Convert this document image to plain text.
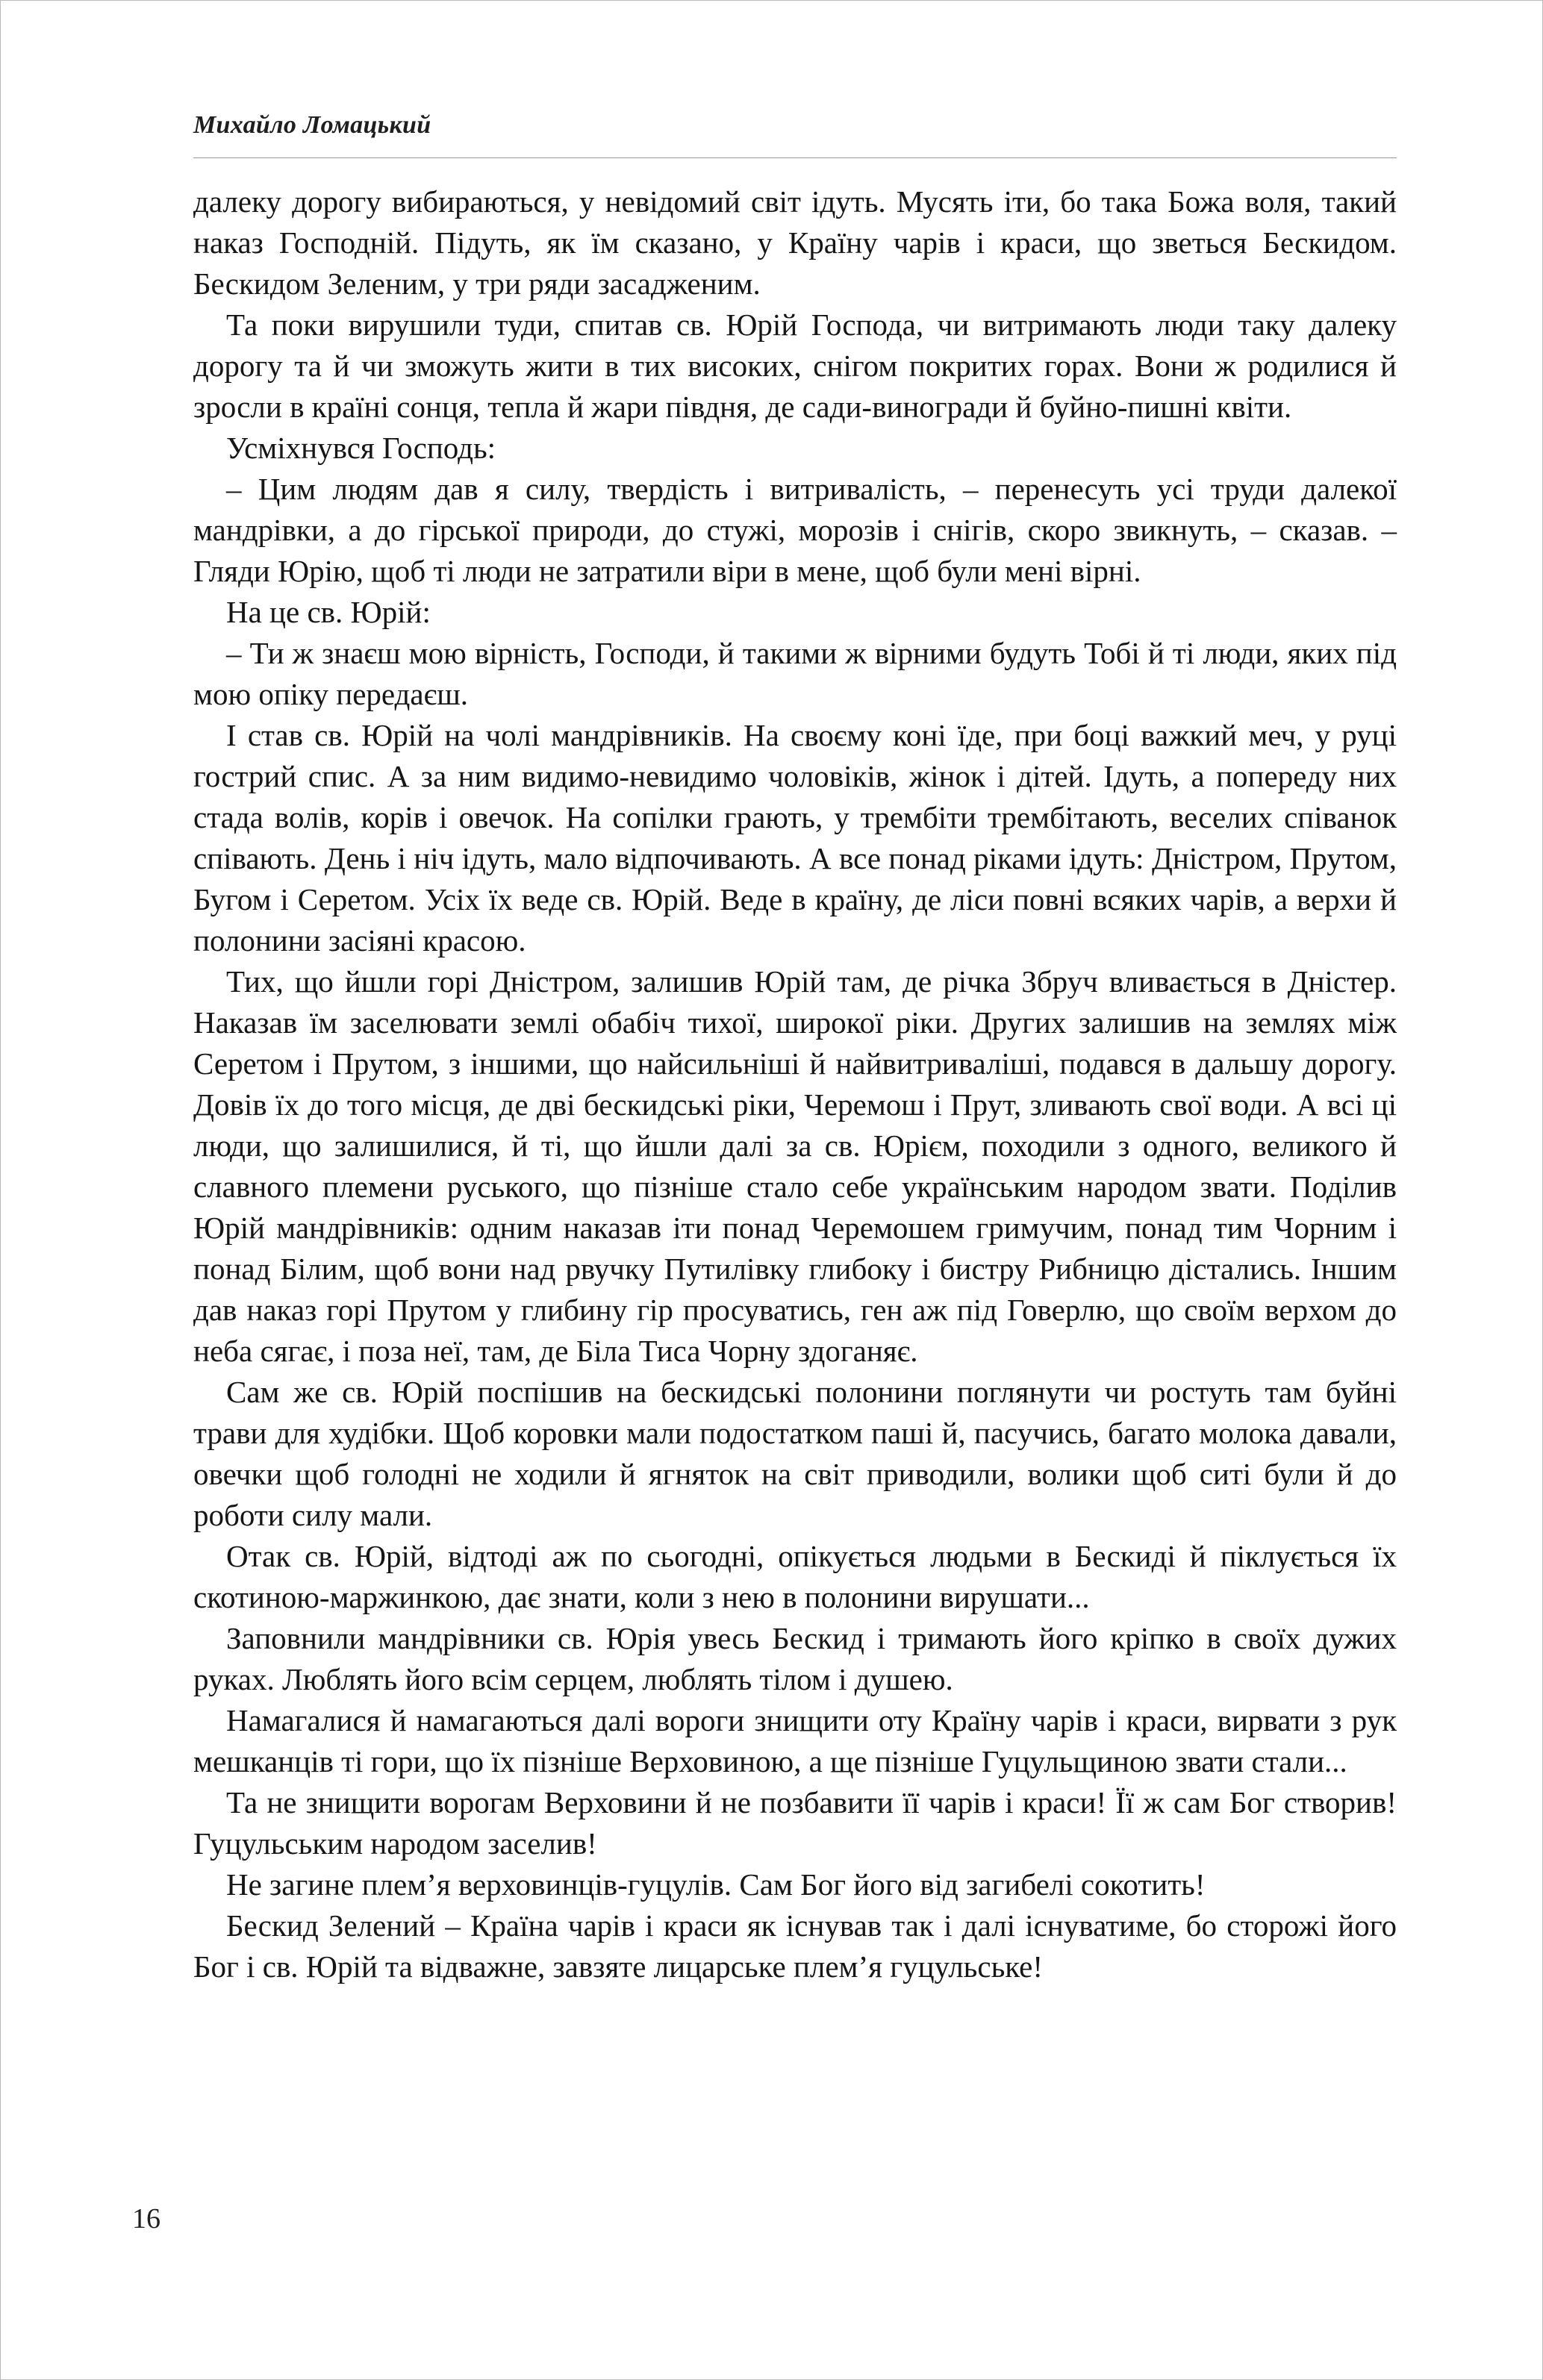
Михайло Ломацький

далеку дорогу вибираються, у невідомий світ ідуть. Мусять іти, бо така Божа воля, такий наказ Господній. Підуть, як їм сказано, у Країну чарів і краси, що зветься Бескидом. Бескидом Зеленим, у три ряди засадженим.

Та поки вирушили туди, спитав св. Юрій Господа, чи витримають люди таку далеку дорогу та й чи зможуть жити в тих високих, снігом покритих горах. Вони ж родилися й зросли в країні сонця, тепла й жари півдня, де сади-виногради й буйно-пишні квіти.

Усміхнувся Господь:

– Цим людям дав я силу, твердість і витривалість, – перенесуть усі труди далекої мандрівки, а до гірської природи, до стужі, морозів і снігів, скоро звикнуть, – сказав. – Гляди Юрію, щоб ті люди не затратили віри в мене, щоб були мені вірні.

На це св. Юрій:

– Ти ж знаєш мою вірність, Господи, й такими ж вірними будуть Тобі й ті люди, яких під мою опіку передаєш.

І став св. Юрій на чолі мандрівників. На своєму коні їде, при боці важкий меч, у руці гострий спис. А за ним видимо-невидимо чоловіків, жінок і дітей. Ідуть, а попереду них стада волів, корів і овечок. На сопілки грають, у трембіти трембітають, веселих співанок співають. День і ніч ідуть, мало відпочивають. А все понад ріками ідуть: Дністром, Прутом, Бугом і Серетом. Усіх їх веде св. Юрій. Веде в країну, де ліси повні всяких чарів, а верхи й полонини засіяні красою.

Тих, що йшли горі Дністром, залишив Юрій там, де річка Збруч вливається в Дністер. Наказав їм заселювати землі обабіч тихої, широкої ріки. Других залишив на землях між Серетом і Прутом, з іншими, що найсильніші й найвитриваліші, подався в дальшу дорогу. Довів їх до того місця, де дві бескидські ріки, Черемош і Прут, зливають свої води. А всі ці люди, що залишилися, й ті, що йшли далі за св. Юрієм, походили з одного, великого й славного племени руського, що пізніше стало себе українським народом звати. Поділив Юрій мандрівників: одним наказав іти понад Черемошем гримучим, понад тим Чорним і понад Білим, щоб вони над рвучку Путилівку глибоку і бистру Рибницю дістались. Іншим дав наказ горі Прутом у глибину гір просуватись, ген аж під Говерлю, що своїм верхом до неба сягає, і поза неї, там, де Біла Тиса Чорну здоганяє.

Сам же св. Юрій поспішив на бескидські полонини поглянути чи ростуть там буйні трави для худібки. Щоб коровки мали подостатком паші й, пасучись, багато молока давали, овечки щоб голодні не ходили й ягняток на світ приводили, волики щоб ситі були й до роботи силу мали.

Отак св. Юрій, відтоді аж по сьогодні, опікується людьми в Бескиді й піклується їх скотиною-маржинкою, дає знати, коли з нею в полонини вирушати...

Заповнили мандрівники св. Юрія увесь Бескид і тримають його кріпко в своїх дужих руках. Люблять його всім серцем, люблять тілом і душею.

Намагалися й намагаються далі вороги знищити оту Країну чарів і краси, вирвати з рук мешканців ті гори, що їх пізніше Верховиною, а ще пізніше Гуцульщиною звати стали...

Та не знищити ворогам Верховини й не позбавити її чарів і краси! Її ж сам Бог створив! Гуцульським народом заселив!

Не загине плем’я верховинців-гуцулів. Сам Бог його від загибелі сокотить!

Бескид Зелений – Країна чарів і краси як існував так і далі існуватиме, бо сторожі його Бог і св. Юрій та відважне, завзяте лицарське плем’я гуцульське!

16
